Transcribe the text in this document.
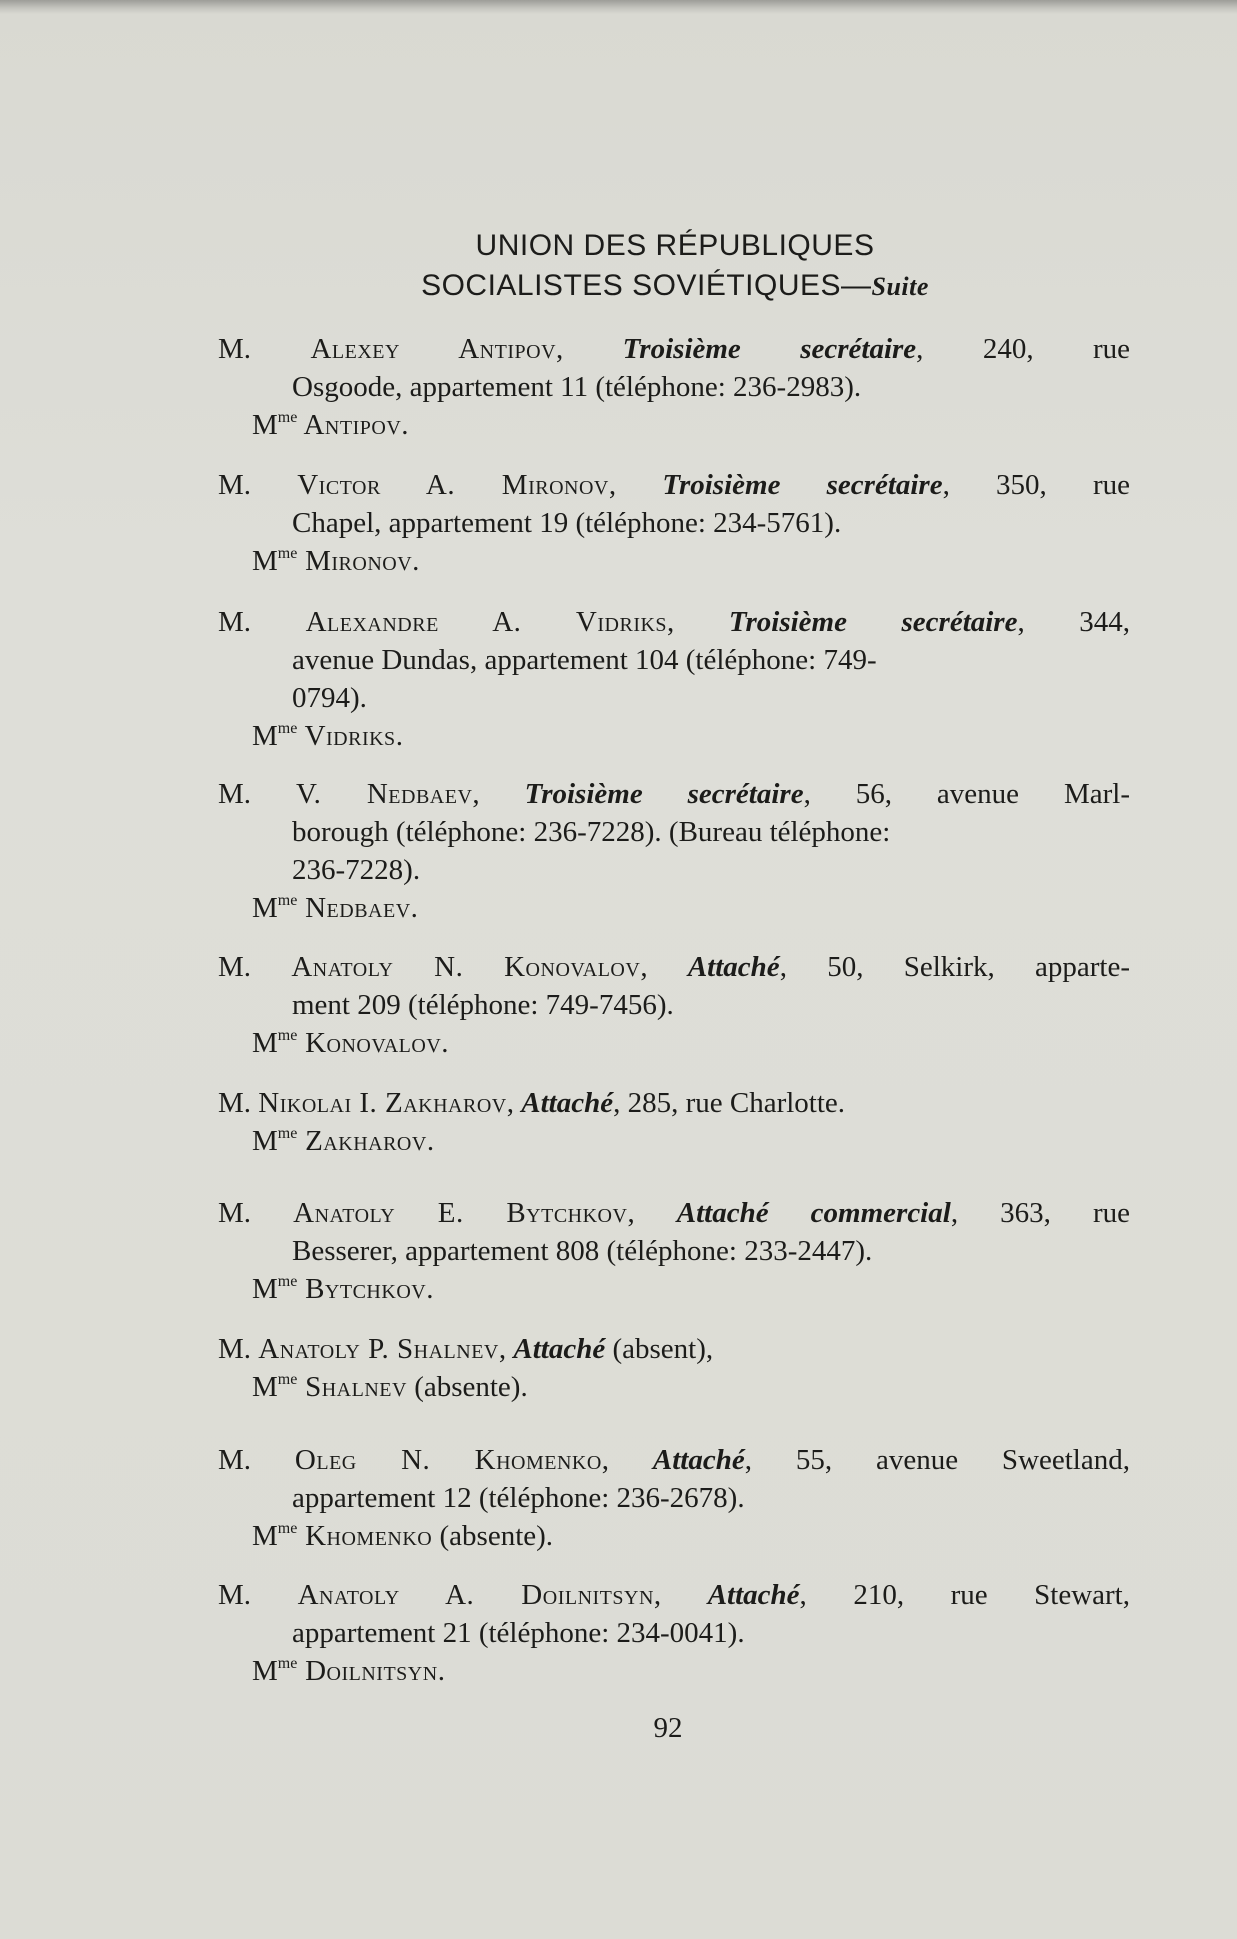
UNION DES RÉPUBLIQUES
SOCIALISTES SOVIÉTIQUES—Suite
M. Alexey Antipov, Troisième secrétaire, 240, rue
Osgoode, appartement 11 (téléphone: 236-2983).
$M^{me}$ Antipov.
M. Victor A. Mironov, Troisième secrétaire, 350, rue
Chapel, appartement 19 (téléphone: 234-5761).
$M^{me}$ Mironov.
M. Alexandre A. Vidriks, Troisième secrétaire, 344,
avenue Dundas, appartement 104 (téléphone: 749-
0794).
$M^{me}$ Vidriks.
M. V. Nedbaev, Troisième secrétaire, 56, avenue Marl-
borough (téléphone: 236-7228). (Bureau téléphone:
236-7228).
$M^{me}$ Nedbaev.
M. Anatoly N. Konovalov, Attaché, 50, Selkirk, apparte-
ment 209 (téléphone: 749-7456).
$M^{me}$ Konovalov.
M. Nikolai I. Zakharov, Attaché, 285, rue Charlotte.
$M^{me}$ Zakharov.
M. Anatoly E. Bytchkov, Attaché commercial, 363, rue
Besserer, appartement 808 (téléphone: 233-2447).
$M^{me}$ Bytchkov.
M. Anatoly P. Shalnev, Attaché (absent),
$M^{me}$ Shalnev (absente).
M. Oleg N. Khomenko, Attaché, 55, avenue Sweetland,
appartement 12 (téléphone: 236-2678).
$M^{me}$ Khomenko (absente).
M. Anatoly A. Doilnitsyn, Attaché, 210, rue Stewart,
appartement 21 (téléphone: 234-0041).
$M^{me}$ Doilnitsyn.
92
